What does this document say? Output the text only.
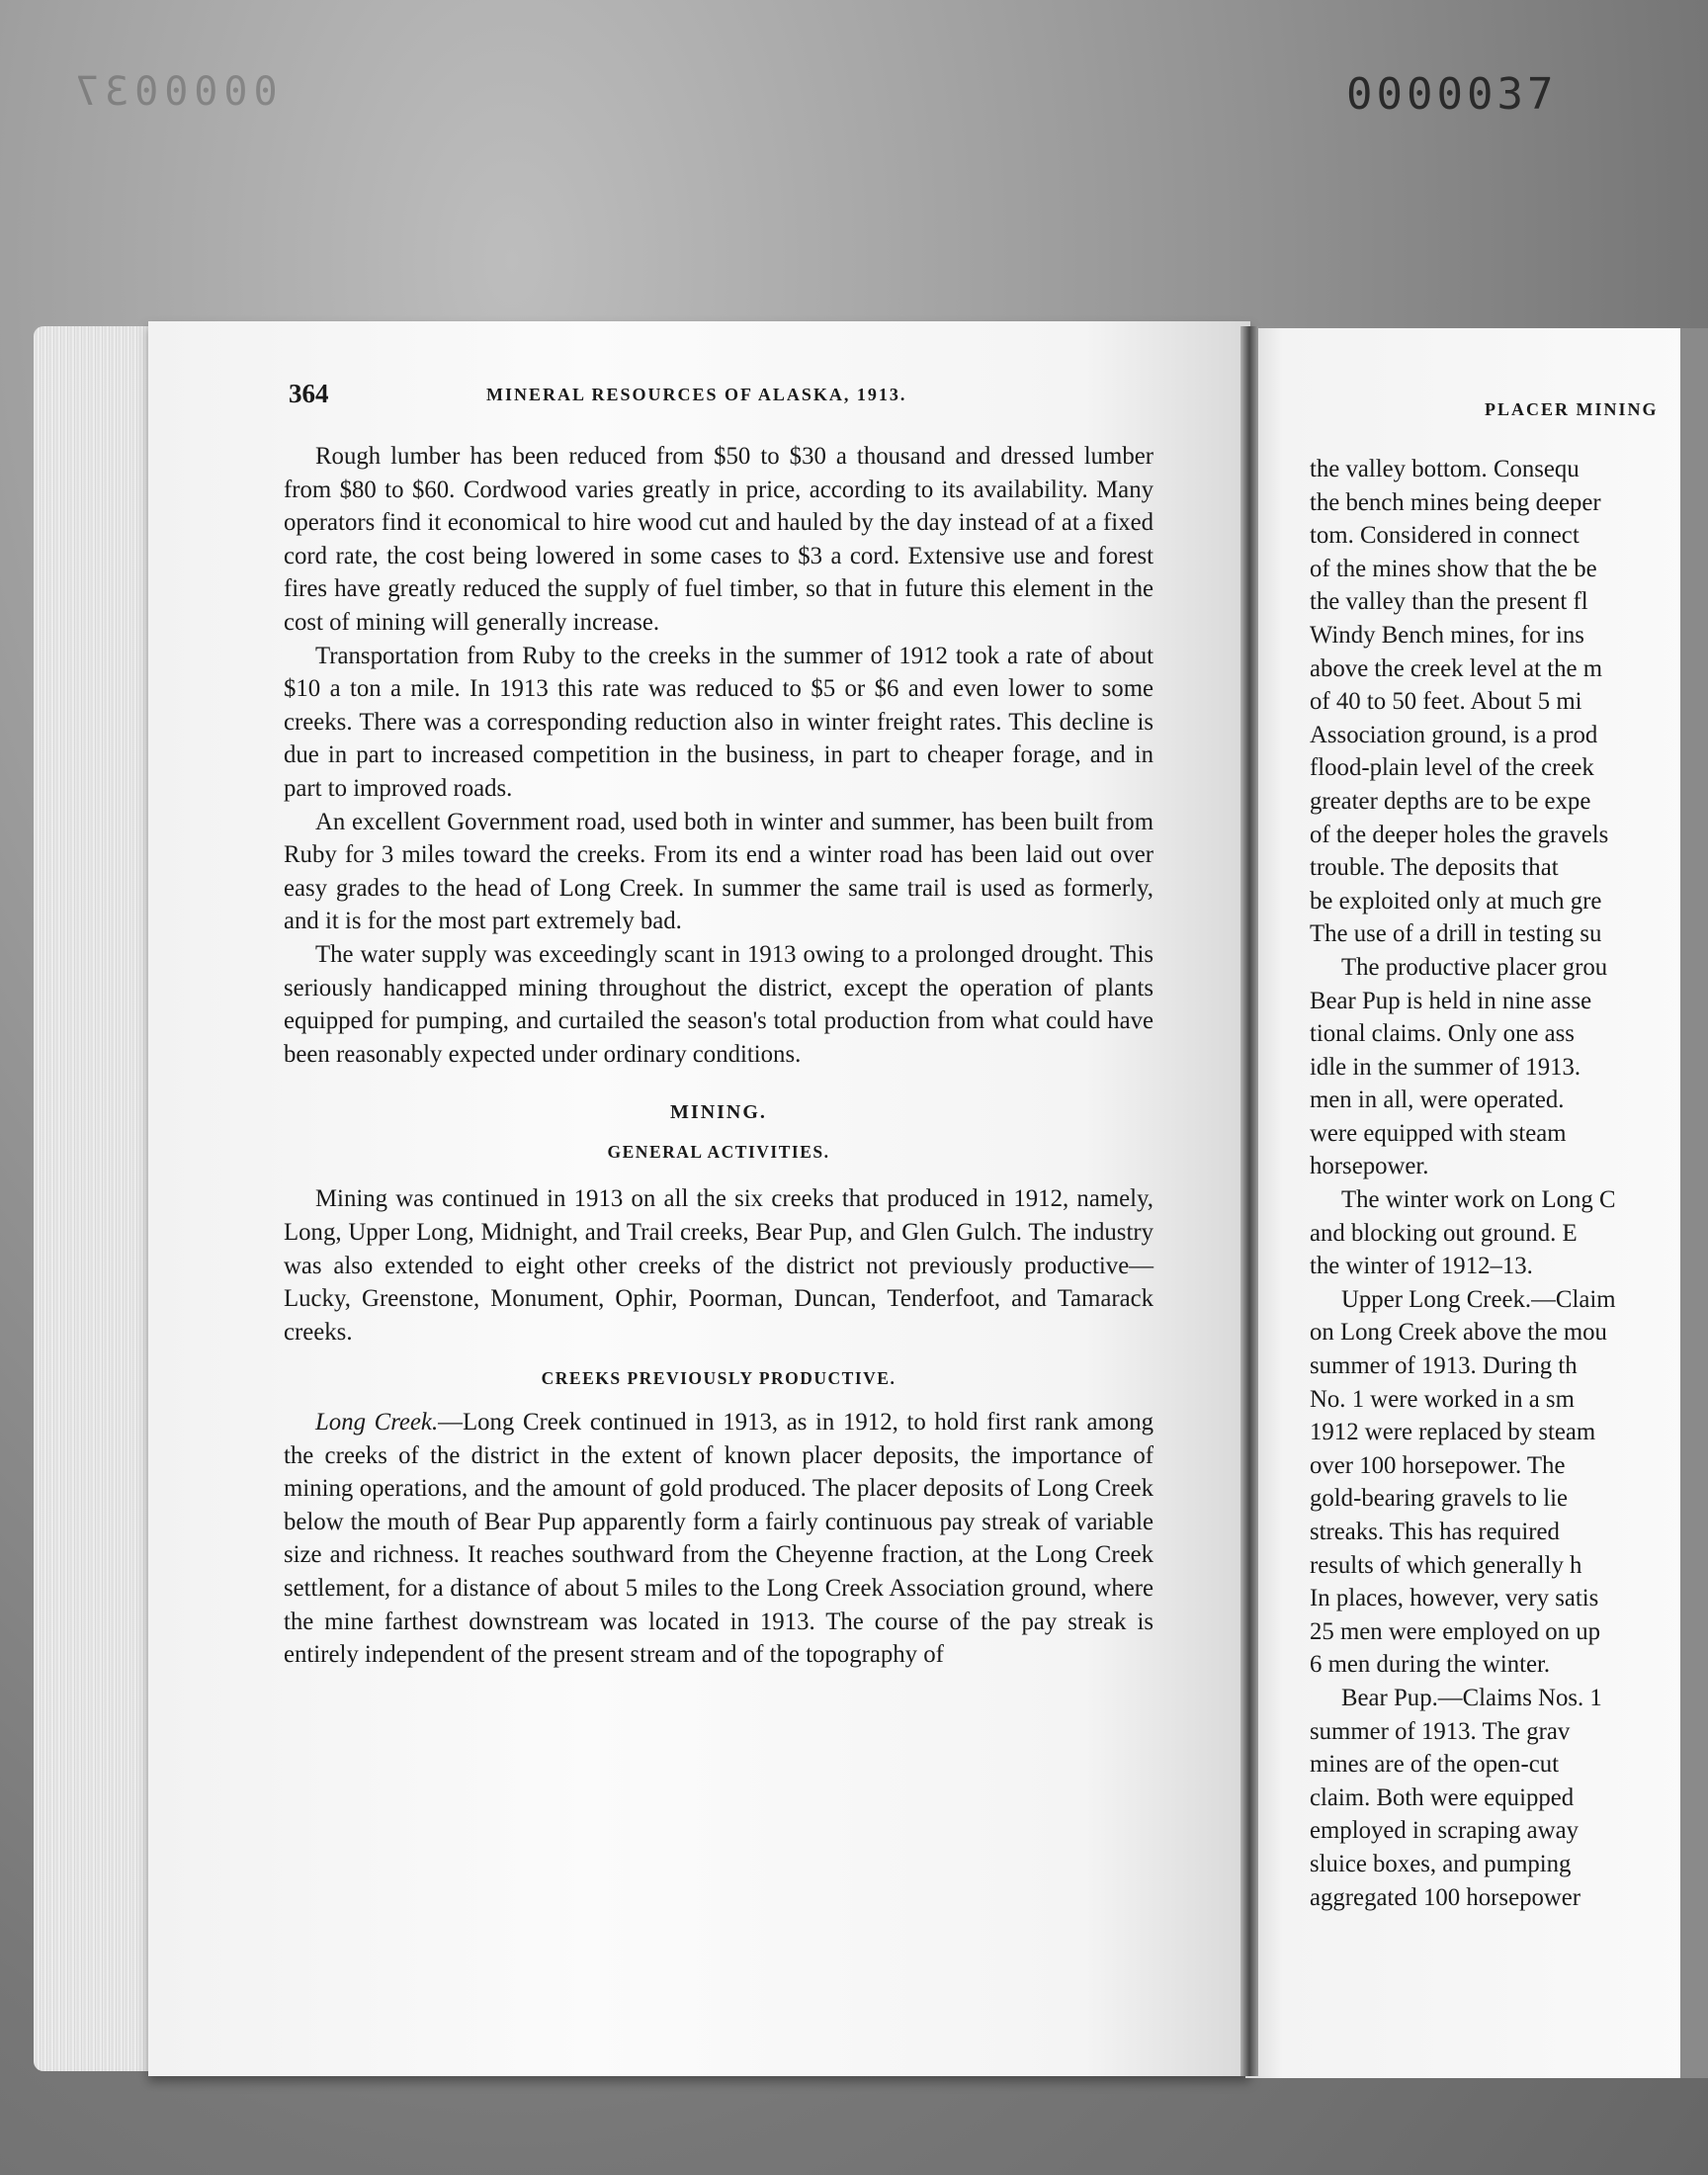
0000037	0000037
364	MINERAL RESOURCES OF ALASKA, 1913.

Rough lumber has been reduced from $50 to $30 a thousand and dressed lumber from $80 to $60. Cordwood varies greatly in price, according to its availability. Many operators find it economical to hire wood cut and hauled by the day instead of at a fixed cord rate, the cost being lowered in some cases to $3 a cord. Extensive use and forest fires have greatly reduced the supply of fuel timber, so that in future this element in the cost of mining will generally increase.

Transportation from Ruby to the creeks in the summer of 1912 took a rate of about $10 a ton a mile. In 1913 this rate was reduced to $5 or $6 and even lower to some creeks. There was a corresponding reduction also in winter freight rates. This decline is due in part to increased competition in the business, in part to cheaper forage, and in part to improved roads.

An excellent Government road, used both in winter and summer, has been built from Ruby for 3 miles toward the creeks. From its end a winter road has been laid out over easy grades to the head of Long Creek. In summer the same trail is used as formerly, and it is for the most part extremely bad.

The water supply was exceedingly scant in 1913 owing to a prolonged drought. This seriously handicapped mining throughout the district, except the operation of plants equipped for pumping, and curtailed the season's total production from what could have been reasonably expected under ordinary conditions.

MINING.
GENERAL ACTIVITIES.

Mining was continued in 1913 on all the six creeks that produced in 1912, namely, Long, Upper Long, Midnight, and Trail creeks, Bear Pup, and Glen Gulch. The industry was also extended to eight other creeks of the district not previously productive—Lucky, Greenstone, Monument, Ophir, Poorman, Duncan, Tenderfoot, and Tamarack creeks.

CREEKS PREVIOUSLY PRODUCTIVE.

Long Creek.—Long Creek continued in 1913, as in 1912, to hold first rank among the creeks of the district in the extent of known placer deposits, the importance of mining operations, and the amount of gold produced. The placer deposits of Long Creek below the mouth of Bear Pup apparently form a fairly continuous pay streak of variable size and richness. It reaches southward from the Cheyenne fraction, at the Long Creek settlement, for a distance of about 5 miles to the Long Creek Association ground, where the mine farthest downstream was located in 1913. The course of the pay streak is entirely independent of the present stream and of the topography of

PLACER MINING
the valley bottom. Consequ
the bench mines being deeper
tom. Considered in connect
of the mines show that the be
the valley than the present fl
Windy Bench mines, for ins
above the creek level at the m
of 40 to 50 feet. About 5 mi
Association ground, is a prod
flood-plain level of the creek
greater depths are to be expe
of the deeper holes the gravels
trouble. The deposits that
be exploited only at much gre
The use of a drill in testing su
The productive placer grou
Bear Pup is held in nine asse
tional claims. Only one ass
idle in the summer of 1913.
men in all, were operated.
were equipped with steam
horsepower.
The winter work on Long C
and blocking out ground. E
the winter of 1912–13.
Upper Long Creek.—Claim
on Long Creek above the mou
summer of 1913. During th
No. 1 were worked in a sm
1912 were replaced by steam
over 100 horsepower. The
gold-bearing gravels to lie
streaks. This has required
results of which generally h
In places, however, very satis
25 men were employed on up
6 men during the winter.
Bear Pup.—Claims Nos. 1
summer of 1913. The grav
mines are of the open-cut
claim. Both were equipped
employed in scraping away
sluice boxes, and pumping
aggregated 100 horsepower
